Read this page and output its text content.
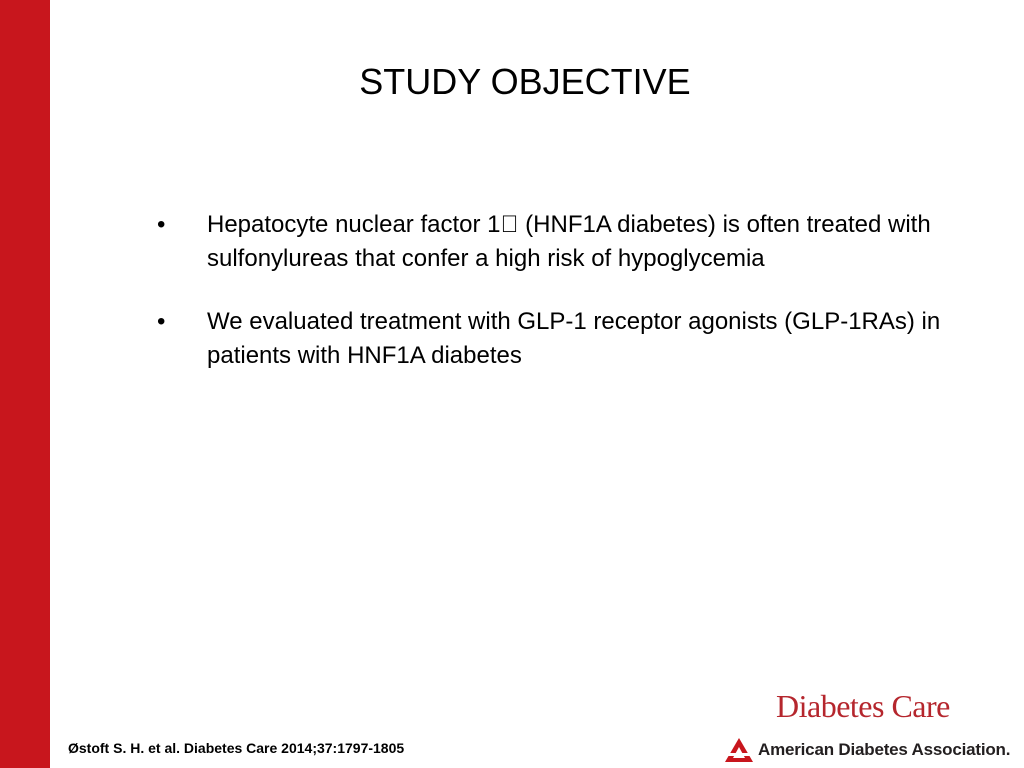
STUDY OBJECTIVE
• Hepatocyte nuclear factor 1 (HNF1A diabetes) is often treated with sulfonylureas that confer a high risk of hypoglycemia
• We evaluated treatment with GLP-1 receptor agonists (GLP-1RAs) in patients with HNF1A diabetes
Østoft S. H. et al. Diabetes Care 2014;37:1797-1805
Diabetes Care
American Diabetes Association.
